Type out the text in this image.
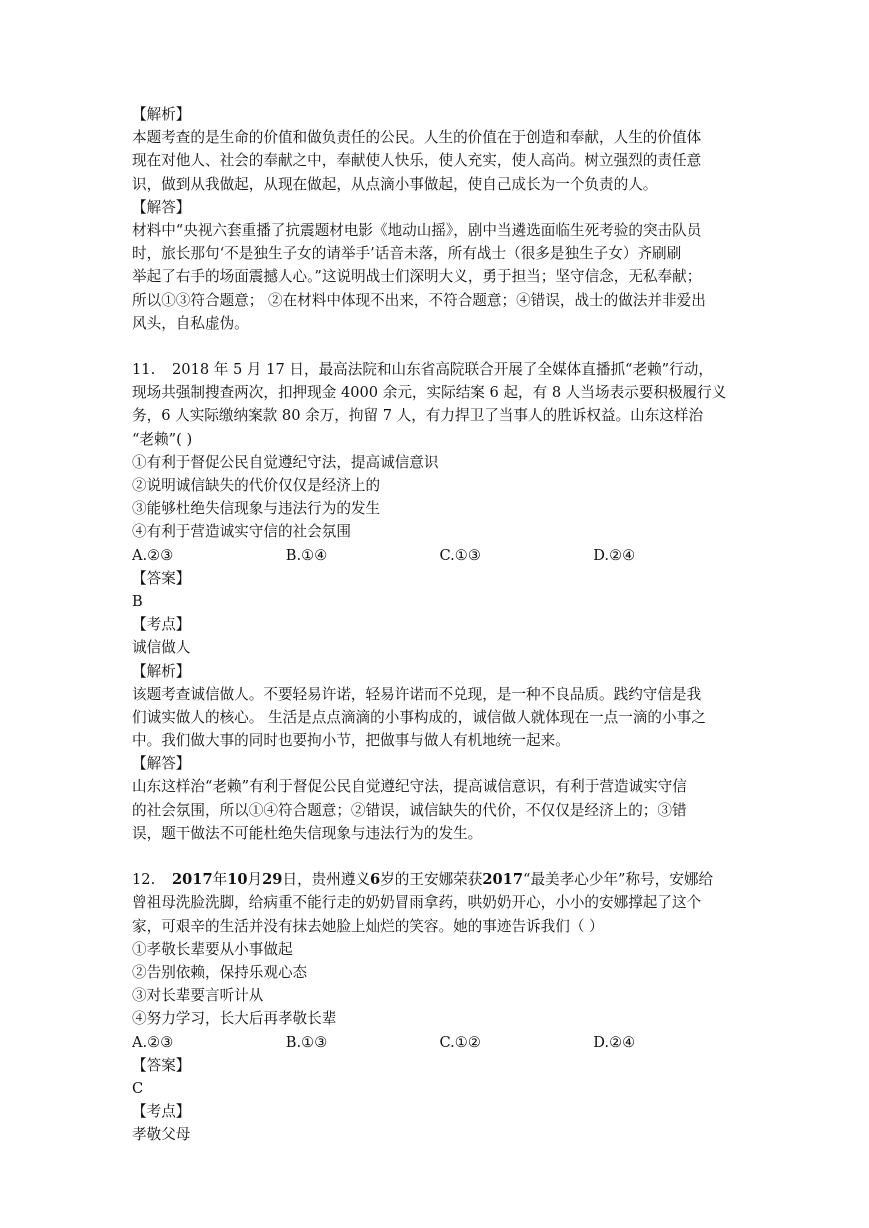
【解析】
本题考查的是生命的价值和做负责任的公民。人生的价值在于创造和奉献，人生的价值体
现在对他人、社会的奉献之中，奉献使人快乐，使人充实，使人高尚。树立强烈的责任意
识，做到从我做起，从现在做起，从点滴小事做起，使自己成长为一个负责的人。
【解答】
材料中“央视六套重播了抗震题材电影《地动山摇》，剧中当遴选面临生死考验的突击队员
时，旅长那句‘不是独生子女的请举手’话音未落，所有战士（很多是独生子女）齐刷刷
举起了右手的场面震撼人心。”这说明战士们深明大义，勇于担当；坚守信念，无私奉献；
所以①③符合题意； ②在材料中体现不出来，不符合题意；④错误，战士的做法并非爱出
风头，自私虚伪。
11. 2018 年 5 月 17 日，最高法院和山东省高院联合开展了全媒体直播抓“老赖”行动，
现场共强制搜查两次，扣押现金 4000 余元，实际结案 6 起，有 8 人当场表示要积极履行义
务，6 人实际缴纳案款 80 余万，拘留 7 人，有力捍卫了当事人的胜诉权益。山东这样治
“老赖”( )
①有利于督促公民自觉遵纪守法，提高诚信意识
②说明诚信缺失的代价仅仅是经济上的
③能够杜绝失信现象与违法行为的发生
④有利于营造诚实守信的社会氛围
A.②③	B.①④	C.①③	D.②④
【答案】
B
【考点】
诚信做人
【解析】
该题考查诚信做人。不要轻易许诺，轻易许诺而不兑现，是一种不良品质。践约守信是我
们诚实做人的核心。 生活是点点滴滴的小事构成的，诚信做人就体现在一点一滴的小事之
中。我们做大事的同时也要拘小节，把做事与做人有机地统一起来。
【解答】
山东这样治“老赖”有利于督促公民自觉遵纪守法，提高诚信意识，有利于营造诚实守信
的社会氛围，所以①④符合题意；②错误，诚信缺失的代价，不仅仅是经济上的；③错
误，题干做法不可能杜绝失信现象与违法行为的发生。
12. 2017年10月29日，贵州遵义6岁的王安娜荣获2017“最美孝心少年”称号，安娜给
曾祖母洗脸洗脚，给病重不能行走的奶奶冒雨拿药，哄奶奶开心，小小的安娜撑起了这个
家，可艰辛的生活并没有抹去她脸上灿烂的笑容。她的事迹告诉我们（ ）
①孝敬长辈要从小事做起
②告别依赖，保持乐观心态
③对长辈要言听计从
④努力学习，长大后再孝敬长辈
A.②③	B.①③	C.①②	D.②④
【答案】
C
【考点】
孝敬父母
